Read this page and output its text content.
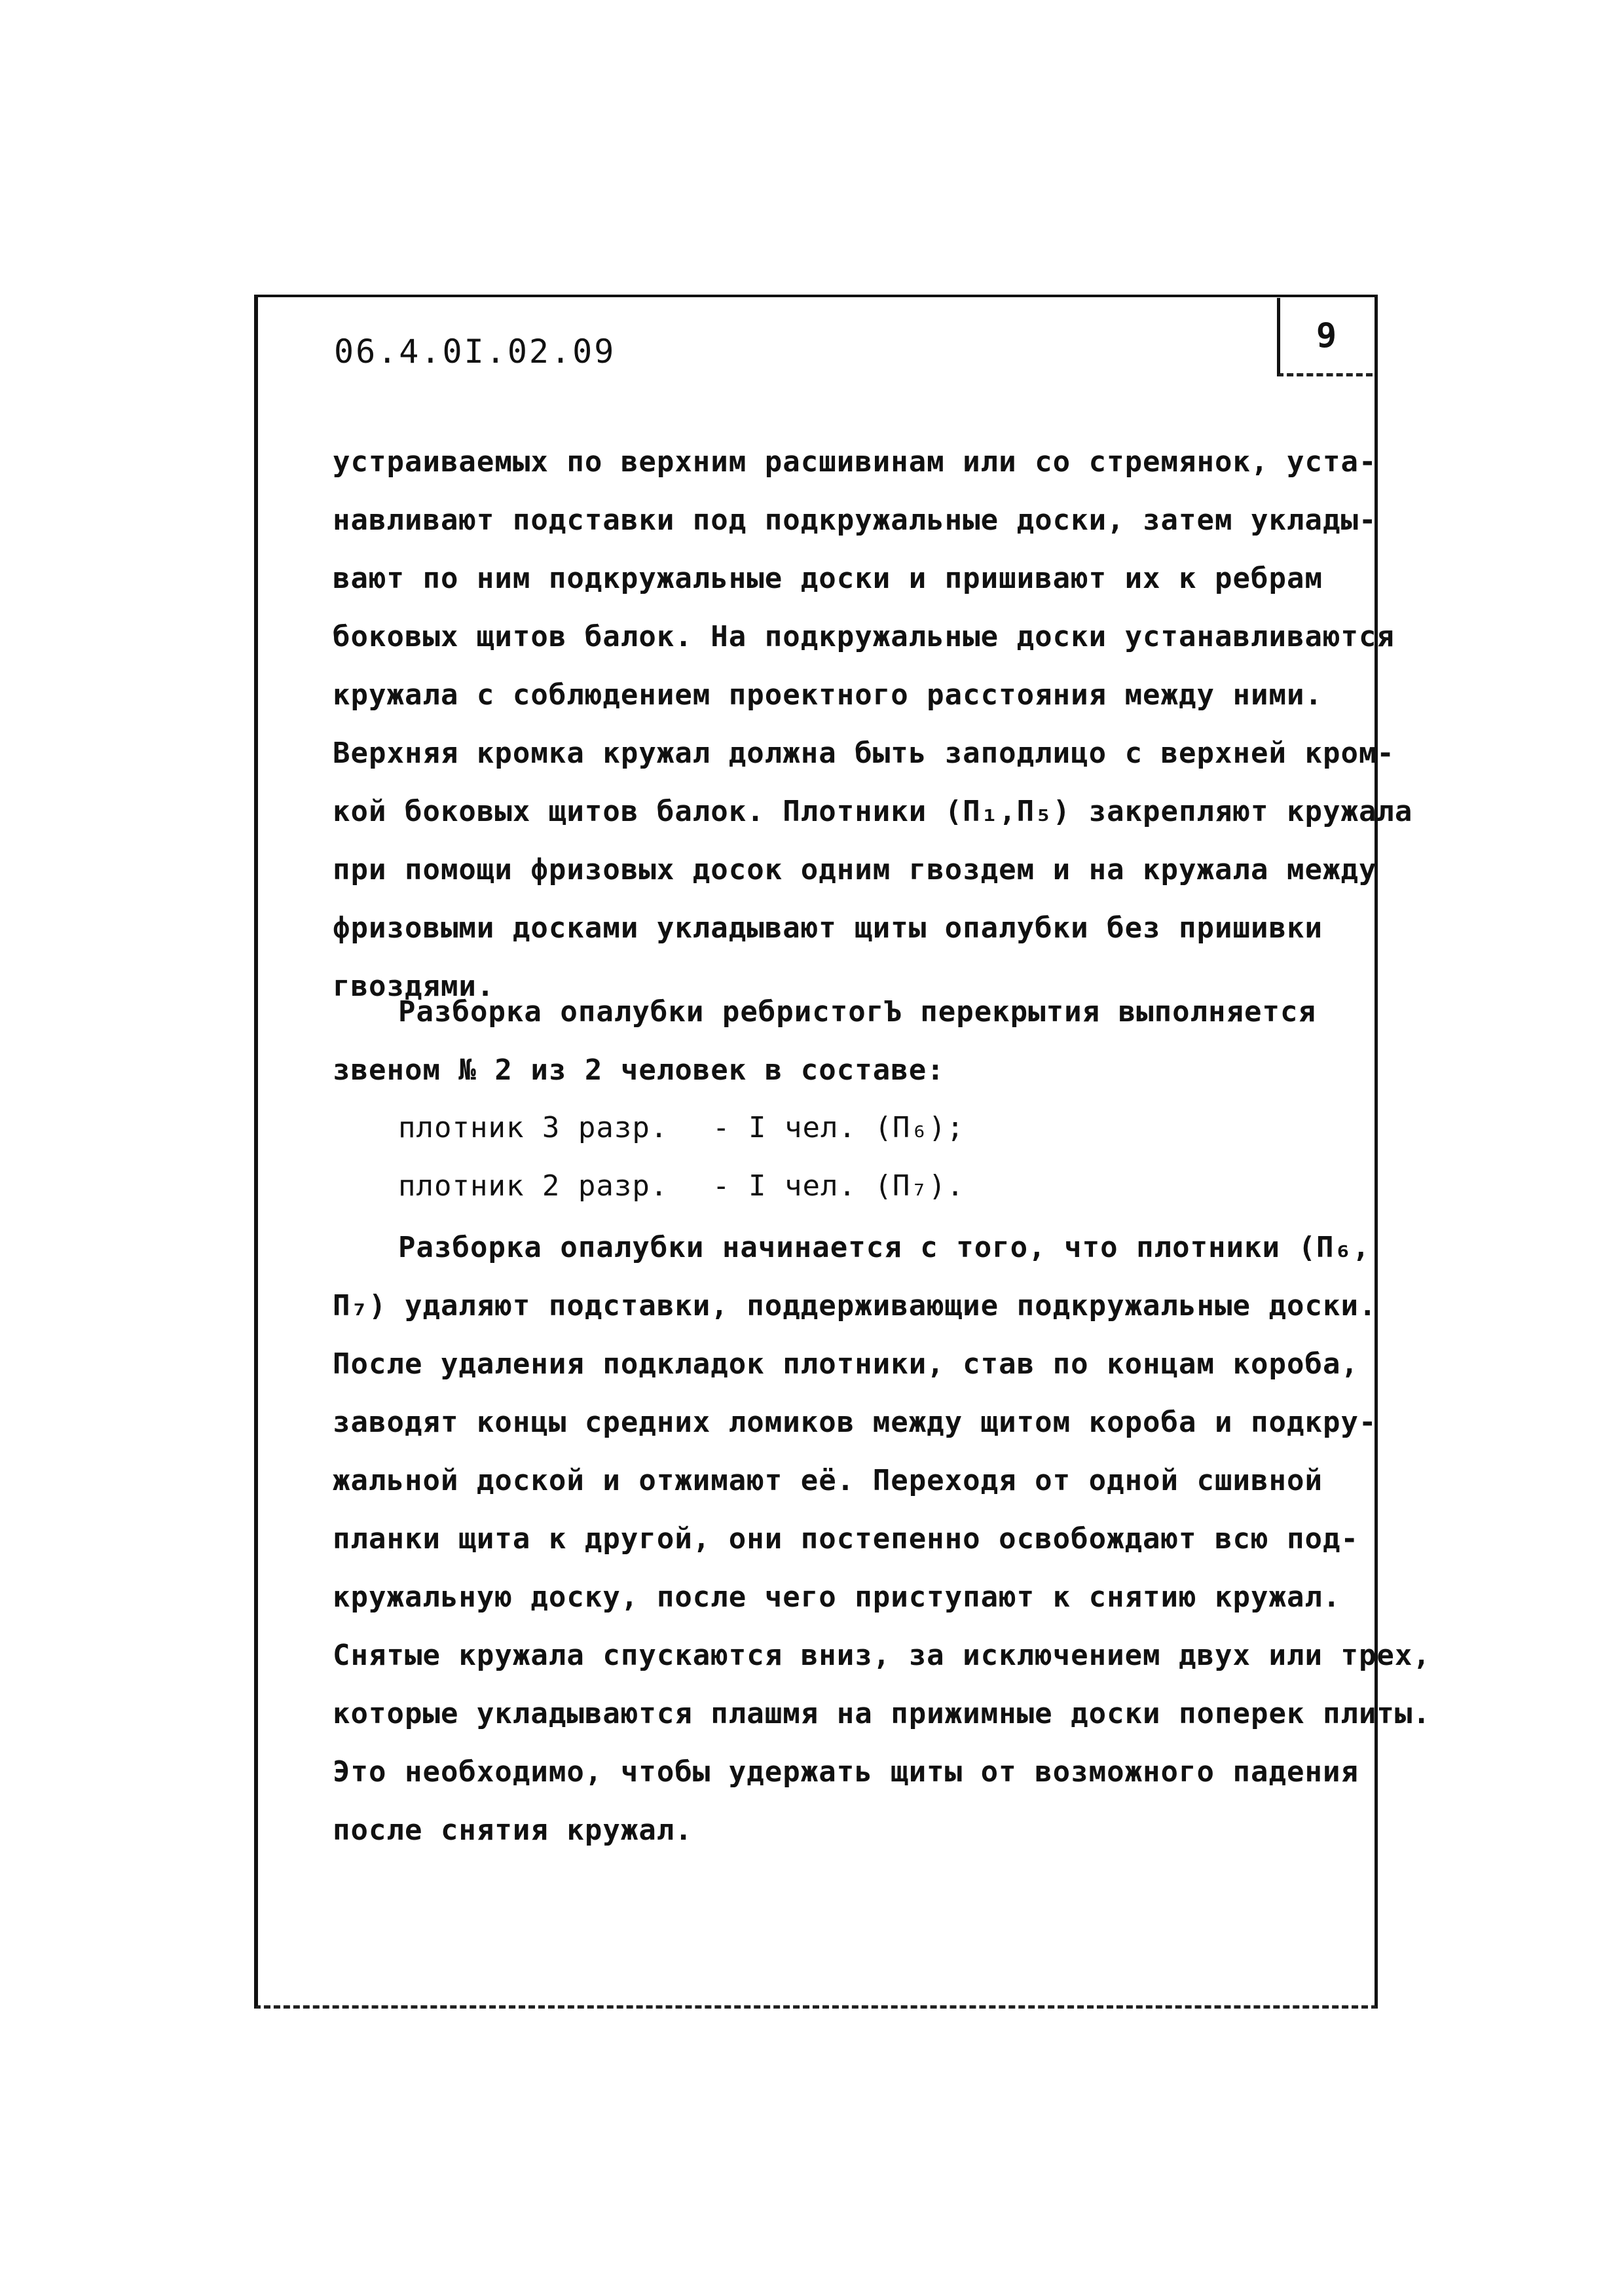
06.4.0I.02.09	9
устраиваемых по верхним расшивинам или со стремянок, уста-
навливают подставки под подкружальные доски, затем уклады-
вают по ним подкружальные доски и пришивают их к ребрам
боковых щитов балок. На подкружальные доски устанавливаются
кружала с соблюдением проектного расстояния между ними.
Верхняя кромка кружал должна быть заподлицо с верхней кром-
кой боковых щитов балок. Плотники (П₁,П₅) закрепляют кружала
при помощи фризовых досок одним гвоздем и на кружала между
фризовыми досками укладывают щиты опалубки без пришивки
гвоздями.
Разборка опалубки ребристогЪ перекрытия выполняется
звеном № 2 из 2 человек в составе:
плотник 3 разр. - I чел. (П₆);
плотник 2 разр. - I чел. (П₇).
Разборка опалубки начинается с того, что плотники (П₆,
П₇) удаляют подставки, поддерживающие подкружальные доски.
После удаления подкладок плотники, став по концам короба,
заводят концы средних ломиков между щитом короба и подкру-
жальной доской и отжимают её. Переходя от одной сшивной
планки щита к другой, они постепенно освобождают всю под-
кружальную доску, после чего приступают к снятию кружал.
Снятые кружала спускаются вниз, за исключением двух или трех,
которые укладываются плашмя на прижимные доски поперек плиты.
Это необходимо, чтобы удержать щиты от возможного падения
после снятия кружал.
